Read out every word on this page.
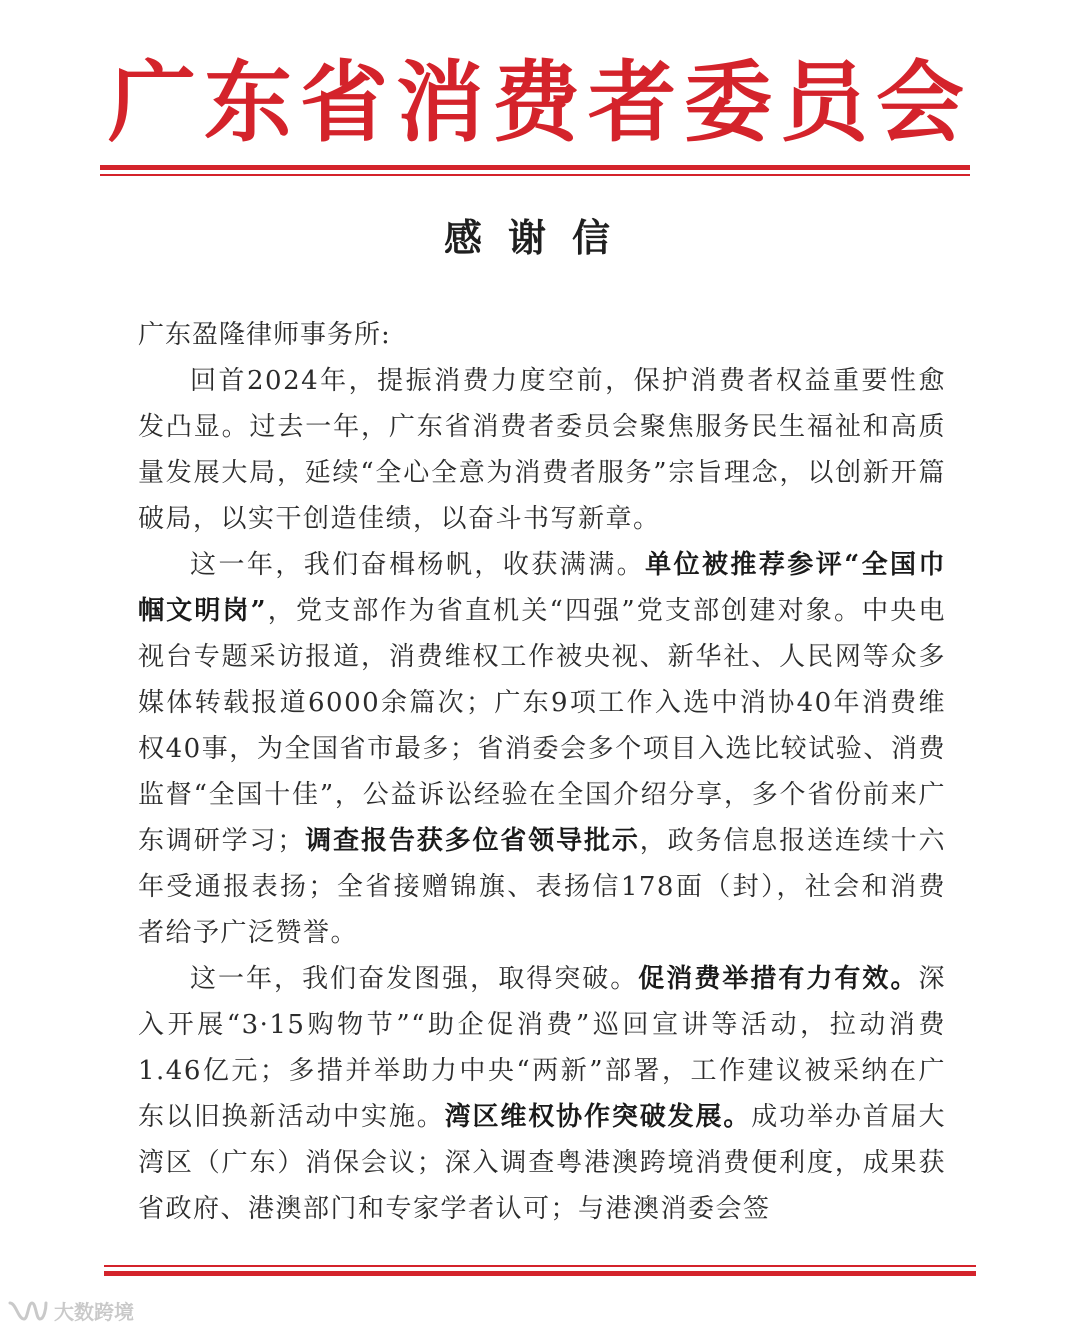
广东省消费者委员会
感谢信

广东盈隆律师事务所:

回首2024年，提振消费力度空前，保护消费者权益重要性愈发凸显。过去一年，广东省消费者委员会聚焦服务民生福祉和高质量发展大局，延续“全心全意为消费者服务”宗旨理念，以创新开篇破局，以实干创造佳绩，以奋斗书写新章。

这一年，我们奋楫杨帆，收获满满。单位被推荐参评“全国巾帼文明岗”，党支部作为省直机关“四强”党支部创建对象。中央电视台专题采访报道，消费维权工作被央视、新华社、人民网等众多媒体转载报道6000余篇次；广东9项工作入选中消协40年消费维权40事，为全国省市最多；省消委会多个项目入选比较试验、消费监督“全国十佳”，公益诉讼经验在全国介绍分享，多个省份前来广东调研学习；调查报告获多位省领导批示，政务信息报送连续十六年受通报表扬；全省接赠锦旗、表扬信178面（封），社会和消费者给予广泛赞誉。

这一年，我们奋发图强，取得突破。促消费举措有力有效。深入开展“3·15购物节”“助企促消费”巡回宣讲等活动，拉动消费1.46亿元；多措并举助力中央“两新”部署，工作建议被采纳在广东以旧换新活动中实施。湾区维权协作突破发展。成功举办首届大湾区（广东）消保会议；深入调查粤港澳跨境消费便利度，成果获省政府、港澳部门和专家学者认可；与港澳消委会签

大数跨境
